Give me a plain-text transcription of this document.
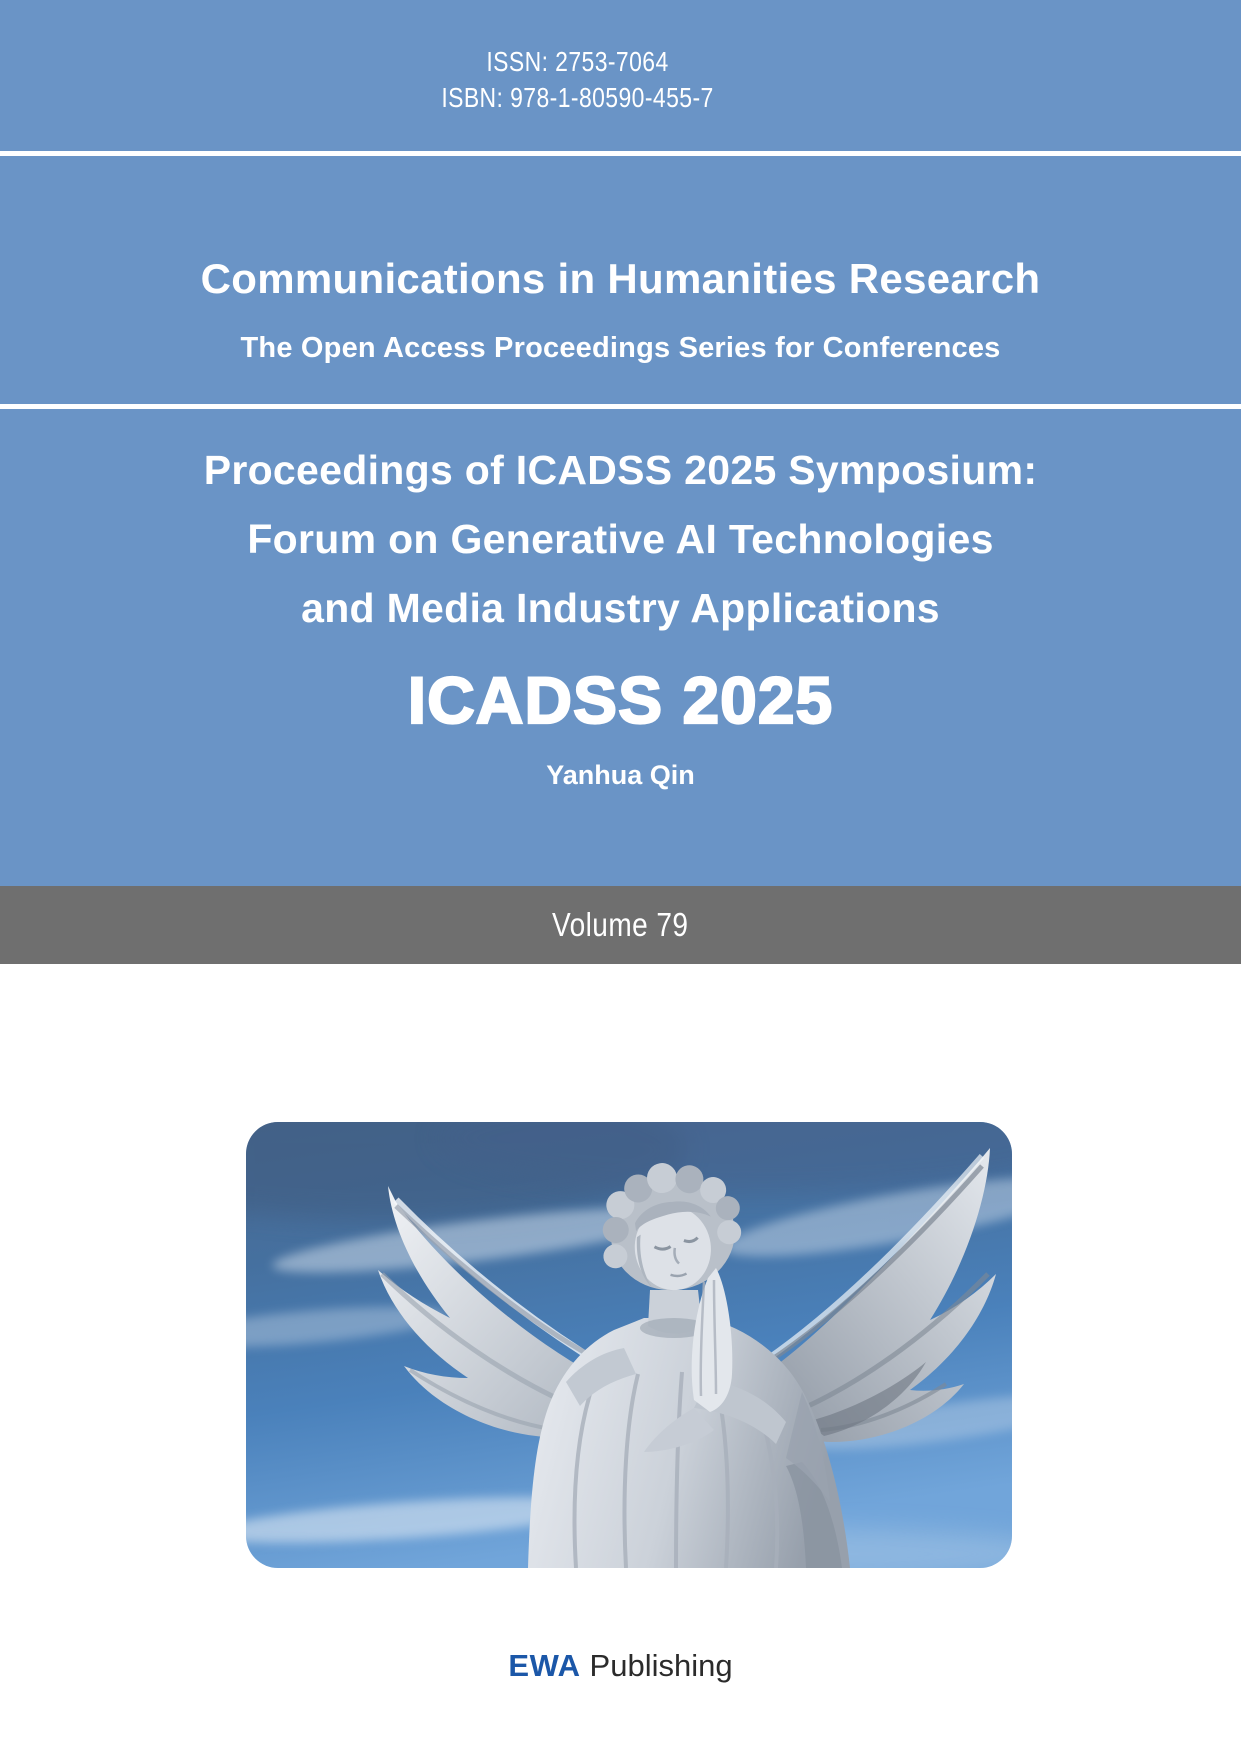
ISSN: 2753-7064
ISBN: 978-1-80590-455-7
Communications in Humanities Research
The Open Access Proceedings Series for Conferences
Proceedings of ICADSS 2025 Symposium:
Forum on Generative AI Technologies
and Media Industry Applications
ICADSS 2025
Yanhua Qin
Volume 79
EWA Publishing
